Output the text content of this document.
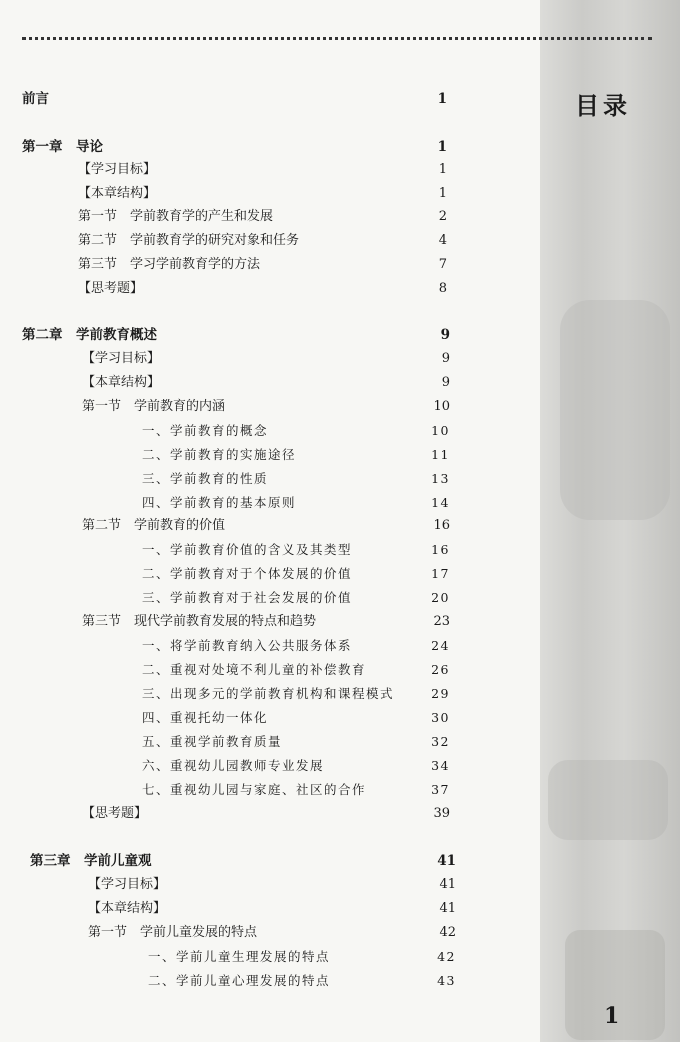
目录
前言	1
第一章　导论	1
【学习目标】	1
【本章结构】	1
第一节　学前教育学的产生和发展	2
第二节　学前教育学的研究对象和任务	4
第三节　学习学前教育学的方法	7
【思考题】	8
第二章　学前教育概述	9
【学习目标】	9
【本章结构】	9
第一节　学前教育的内涵	10
一、学前教育的概念	10
二、学前教育的实施途径	11
三、学前教育的性质	13
四、学前教育的基本原则	14
第二节　学前教育的价值	16
一、学前教育价值的含义及其类型	16
二、学前教育对于个体发展的价值	17
三、学前教育对于社会发展的价值	20
第三节　现代学前教育发展的特点和趋势	23
一、将学前教育纳入公共服务体系	24
二、重视对处境不利儿童的补偿教育	26
三、出现多元的学前教育机构和课程模式	29
四、重视托幼一体化	30
五、重视学前教育质量	32
六、重视幼儿园教师专业发展	34
七、重视幼儿园与家庭、社区的合作	37
【思考题】	39
第三章　学前儿童观	41
【学习目标】	41
【本章结构】	41
第一节　学前儿童发展的特点	42
一、学前儿童生理发展的特点	42
二、学前儿童心理发展的特点	43
1
